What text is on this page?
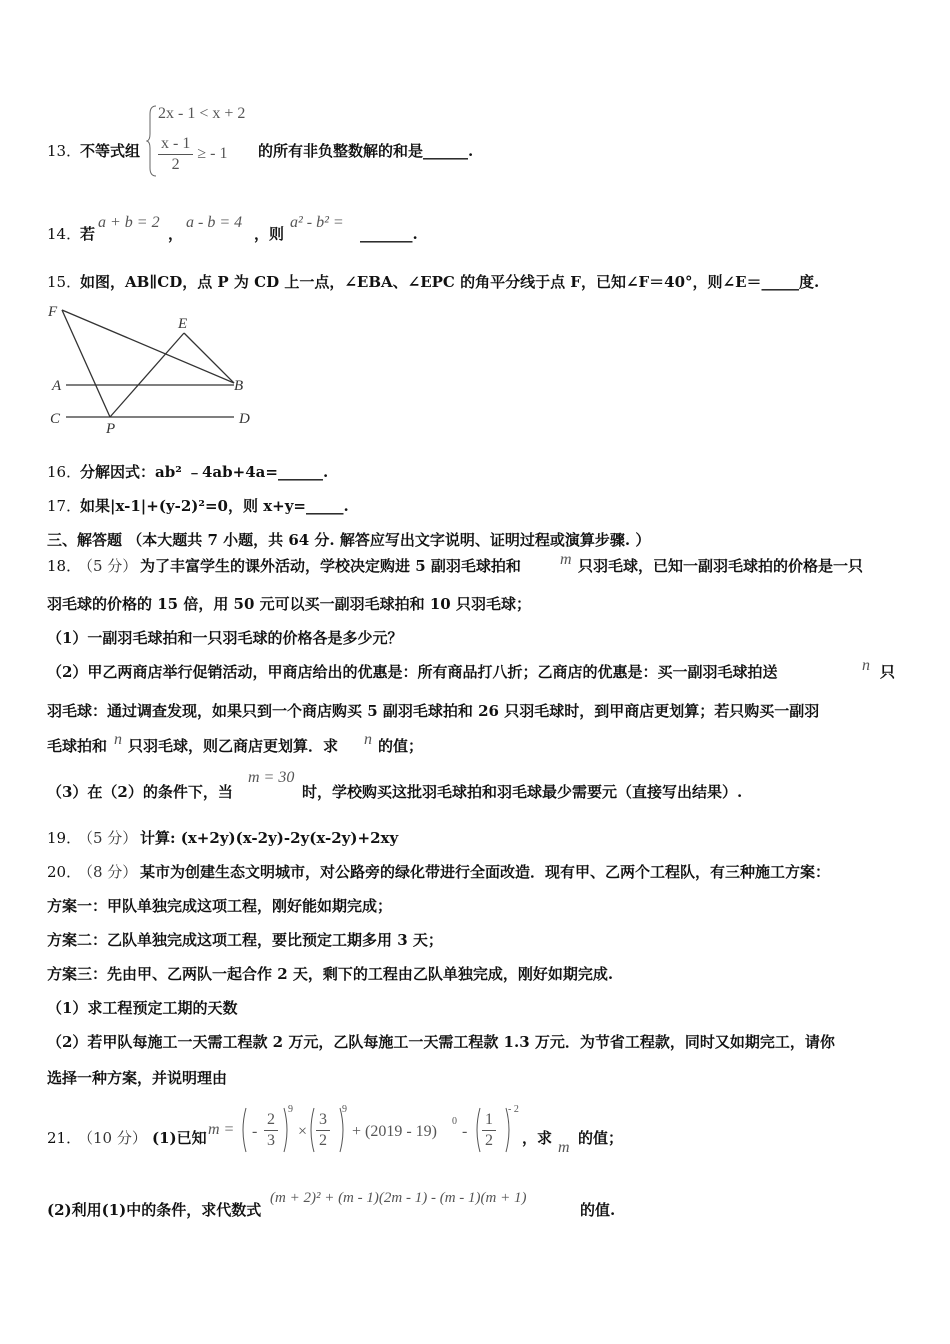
13．
不等式组
2x - 1 < x + 2
$\frac{x - 1}{2}$ ≥ - 1 的所有非负整数解的和是______.
14．
若
a + b = 2
，
a - b = 4
，则
a² - b² =
_______.
15．
如图，AB∥CD，点 P 为 CD 上一点，∠EBA、∠EPC 的角平分线于点 F，已知∠F＝40°，则∠E＝_____度.
F
E
A	B
C
P
D
16．
分解因式：ab² ﹣4ab+4a=______.
17．
如果|x-1|+(y-2)²=0，则 x+y=_____.
三、解答题 （本大题共 7 小题，共 64 分. 解答应写出文字说明、证明过程或演算步骤. ）
18．
（5 分） 为了丰富学生的课外活动，学校决定购进 5 副羽毛球拍和 m 只羽毛球，已知一副羽毛球拍的价格是一只
羽毛球的价格的 15 倍，用 50 元可以买一副羽毛球拍和 10 只羽毛球；
（1）一副羽毛球拍和一只羽毛球的价格各是多少元？
（2）甲乙两商店举行促销活动，甲商店给出的优惠是：所有商品打八折；乙商店的优惠是：买一副羽毛球拍送	n 只
羽毛球：通过调查发现，如果只到一个商店购买 5 副羽毛球拍和 26 只羽毛球时，到甲商店更划算；若只购买一副羽
毛球拍和 n 只羽毛球，则乙商店更划算．求 n 的值；
（3）在（2）的条件下，当
m = 30
时，学校购买这批羽毛球拍和羽毛球最少需要元（直接写出结果）.
19．
（5 分） 计算: (x+2y)(x-2y)-2y(x-2y)+2xy
20．
（8 分） 某市为创建生态文明城市，对公路旁的绿化带进行全面改造．现有甲、乙两个工程队，有三种施工方案：
方案一：甲队单独完成这项工程，刚好能如期完成；
方案二：乙队单独完成这项工程，要比预定工期多用 3 天；
方案三：先由甲、乙两队一起合作 2 天，剩下的工程由乙队单独完成，刚好如期完成.
（1）求工程预定工期的天数
（2）若甲队每施工一天需工程款 2 万元，乙队每施工一天需工程款 1.3 万元．为节省工程款，同时又如期完工，请你
选择一种方案，并说明理由
21．
（10 分） (1)已知 m = - $\frac{2}{3}$
9
× $\frac{3}{2}$
9
+ (2019 - 19)
0
- $\frac{1}{2}$
- 2
，求
m
的值；
(2)利用(1)中的条件，求代数式
(m + 2)² + (m - 1)(2m - 1) - (m - 1)(m + 1)
的值.
